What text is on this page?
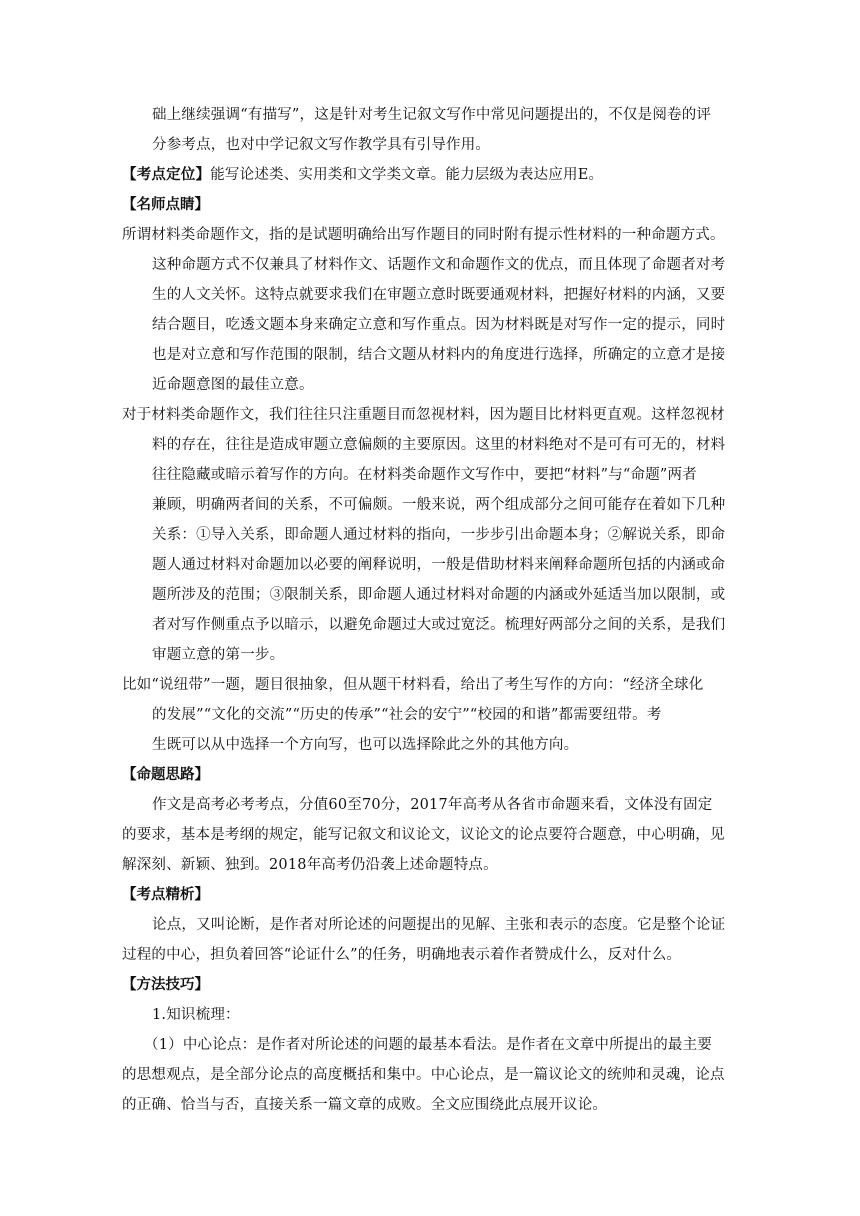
础上继续强调“有描写”，这是针对考生记叙文写作中常见问题提出的，不仅是阅卷的评
分参考点，也对中学记叙文写作教学具有引导作用。
【考点定位】能写论述类、实用类和文学类文章。能力层级为表达应用E。
【名师点睛】
所谓材料类命题作文，指的是试题明确给出写作题目的同时附有提示性材料的一种命题方式。
这种命题方式不仅兼具了材料作文、话题作文和命题作文的优点，而且体现了命题者对考
生的人文关怀。这特点就要求我们在审题立意时既要通观材料，把握好材料的内涵，又要
结合题目，吃透文题本身来确定立意和写作重点。因为材料既是对写作一定的提示，同时
也是对立意和写作范围的限制，结合文题从材料内的角度进行选择，所确定的立意才是接
近命题意图的最佳立意。
对于材料类命题作文，我们往往只注重题目而忽视材料，因为题目比材料更直观。这样忽视材
料的存在，往往是造成审题立意偏颇的主要原因。这里的材料绝对不是可有可无的，材料
往往隐藏或暗示着写作的方向。在材料类命题作文写作中，要把“材料”与“命题”两者
兼顾，明确两者间的关系，不可偏颇。一般来说，两个组成部分之间可能存在着如下几种
关系：①导入关系，即命题人通过材料的指向，一步步引出命题本身；②解说关系，即命
题人通过材料对命题加以必要的阐释说明，一般是借助材料来阐释命题所包括的内涵或命
题所涉及的范围；③限制关系，即命题人通过材料对命题的内涵或外延适当加以限制，或
者对写作侧重点予以暗示，以避免命题过大或过宽泛。梳理好两部分之间的关系，是我们
审题立意的第一步。
比如“说纽带”一题，题目很抽象，但从题干材料看，给出了考生写作的方向：“经济全球化
的发展”“文化的交流”“历史的传承”“社会的安宁”“校园的和谐”都需要纽带。考
生既可以从中选择一个方向写，也可以选择除此之外的其他方向。
【命题思路】
作文是高考必考考点，分值60至70分，2017年高考从各省市命题来看，文体没有固定
的要求，基本是考纲的规定，能写记叙文和议论文，议论文的论点要符合题意，中心明确，见
解深刻、新颖、独到。2018年高考仍沿袭上述命题特点。
【考点精析】
论点，又叫论断，是作者对所论述的问题提出的见解、主张和表示的态度。它是整个论证
过程的中心，担负着回答“论证什么”的任务，明确地表示着作者赞成什么，反对什么。
【方法技巧】
1.知识梳理：
（1）中心论点：是作者对所论述的问题的最基本看法。是作者在文章中所提出的最主要
的思想观点，是全部分论点的高度概括和集中。中心论点，是一篇议论文的统帅和灵魂，论点
的正确、恰当与否，直接关系一篇文章的成败。全文应围绕此点展开议论。
